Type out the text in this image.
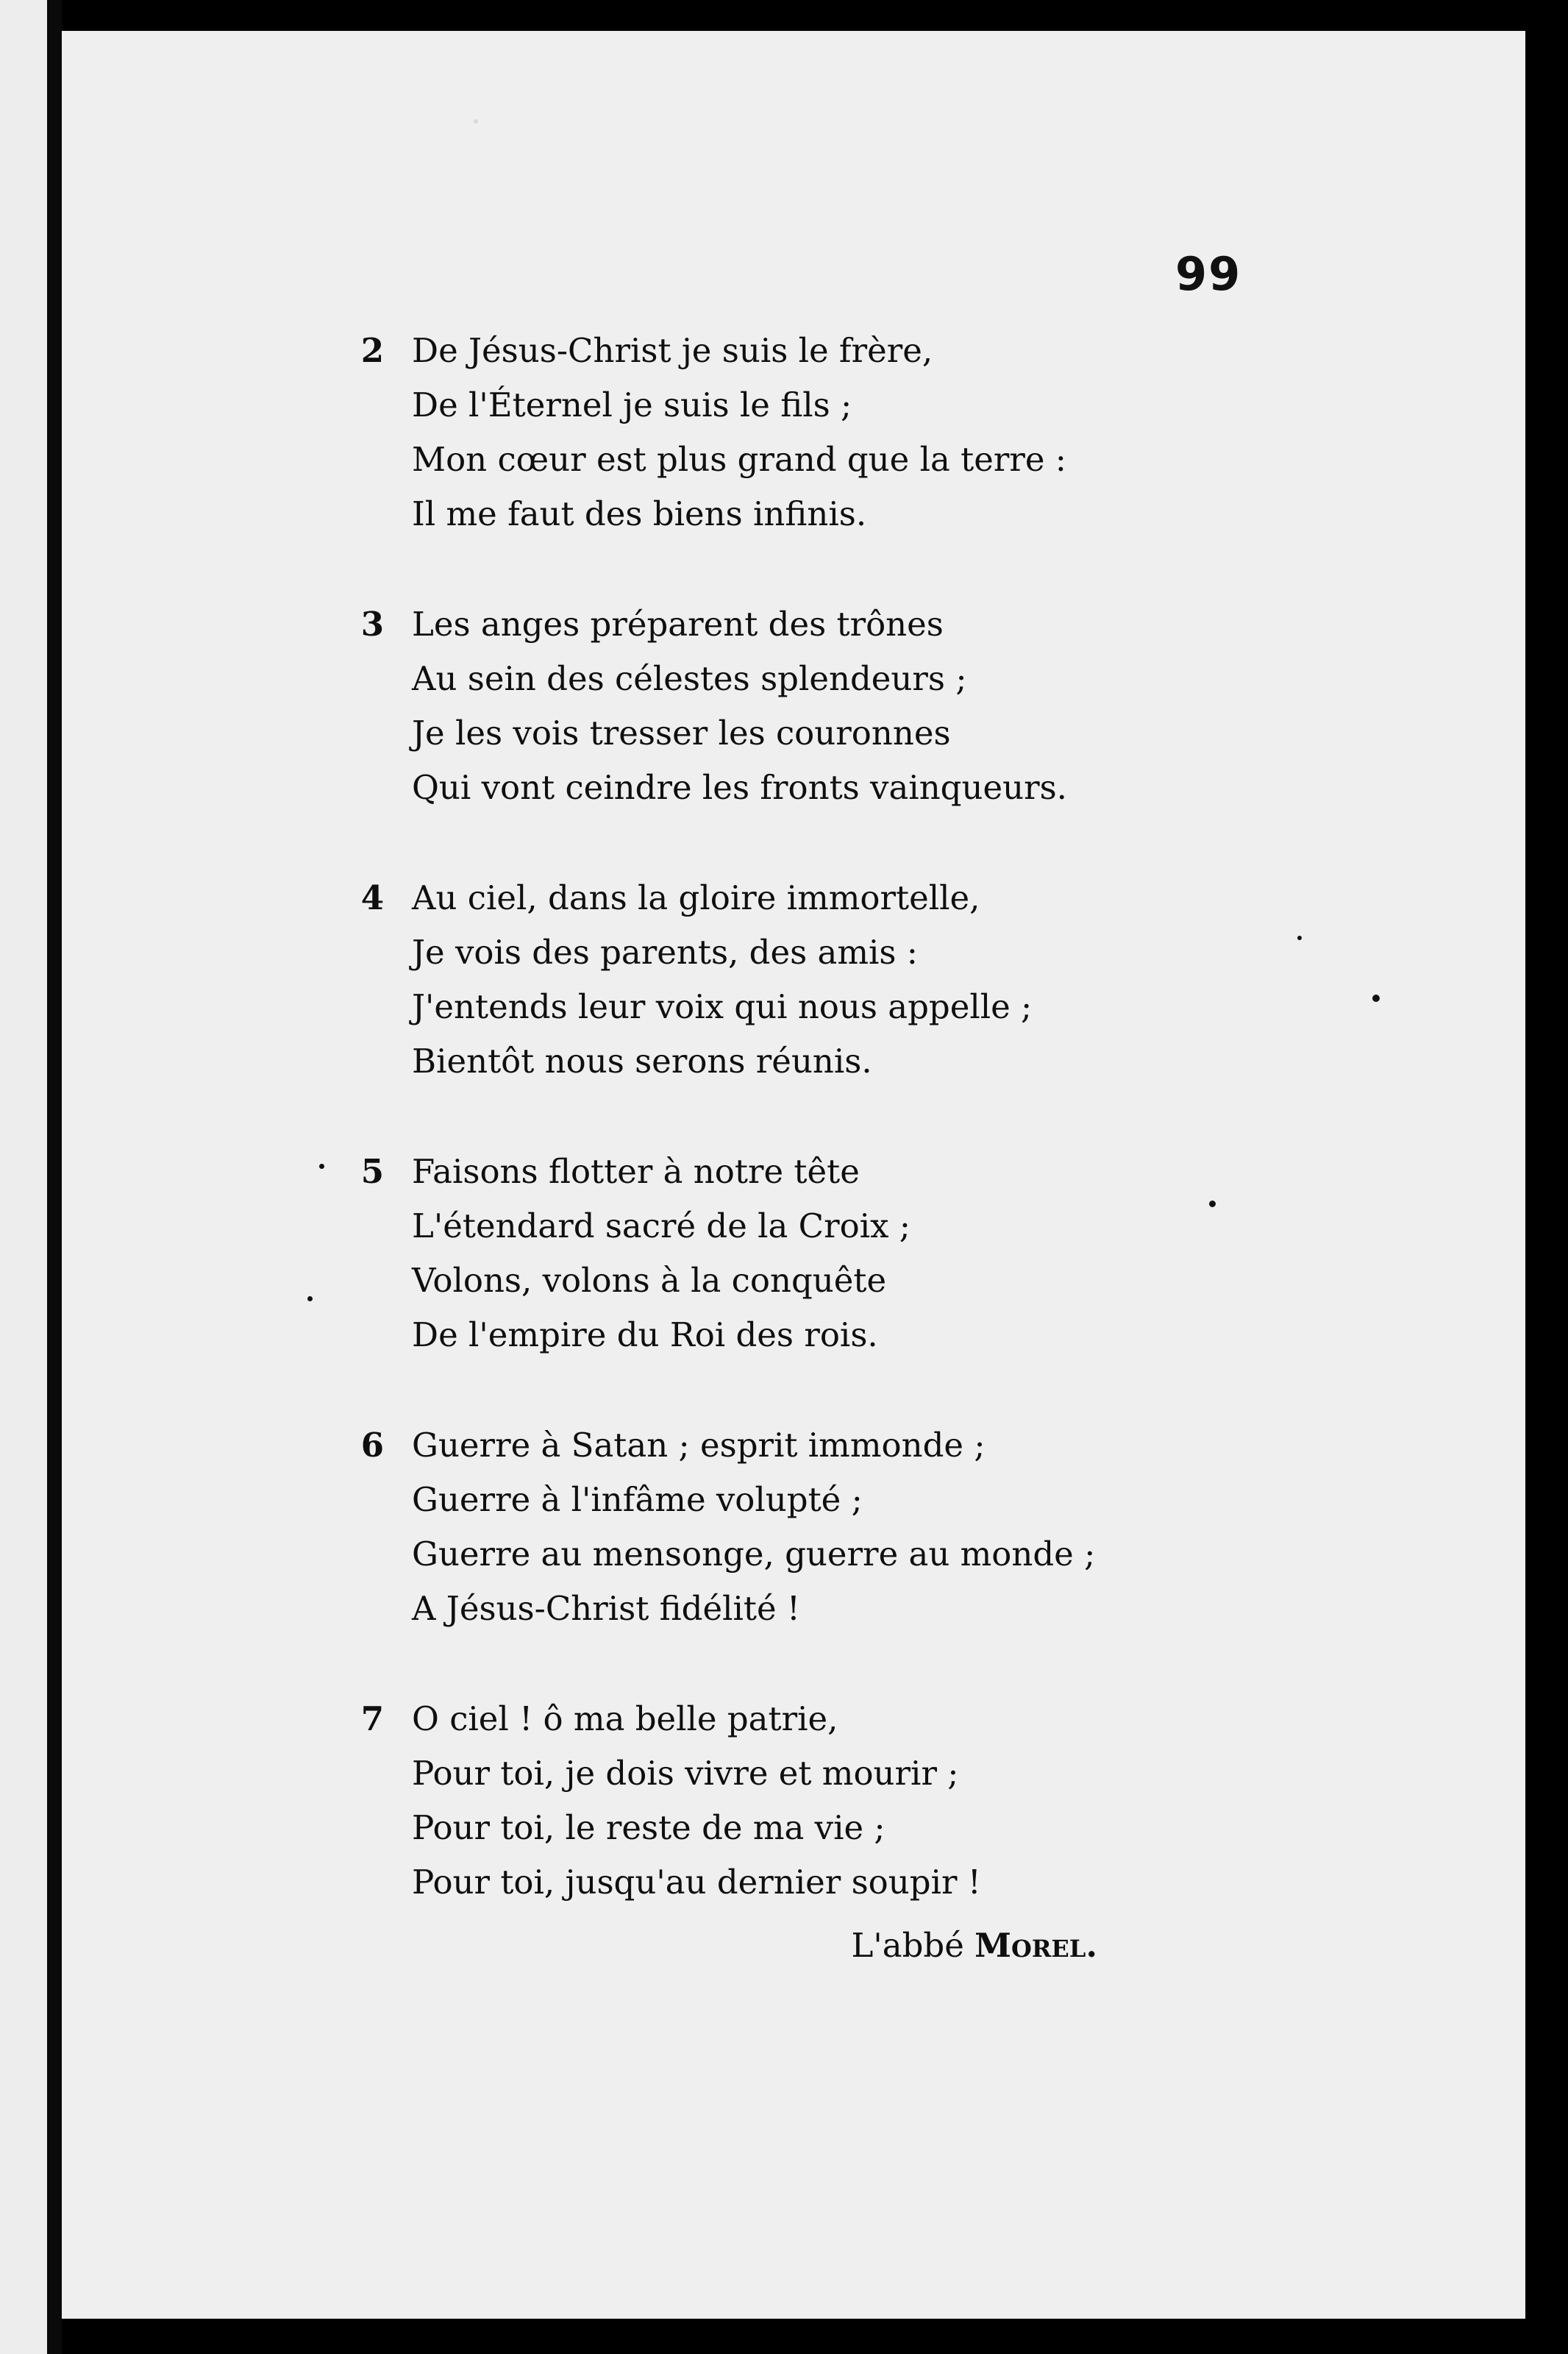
99
2 De Jésus-Christ je suis le frère,
De l'Éternel je suis le fils ;
Mon cœur est plus grand que la terre :
Il me faut des biens infinis.
3 Les anges préparent des trônes
Au sein des célestes splendeurs ;
Je les vois tresser les couronnes
Qui vont ceindre les fronts vainqueurs.
4 Au ciel, dans la gloire immortelle,
Je vois des parents, des amis :
J'entends leur voix qui nous appelle ;
Bientôt nous serons réunis.
5 Faisons flotter à notre tête
L'étendard sacré de la Croix ;
Volons, volons à la conquête
De l'empire du Roi des rois.
6 Guerre à Satan ; esprit immonde ;
Guerre à l'infâme volupté ;
Guerre au mensonge, guerre au monde ;
A Jésus-Christ fidélité !
7 O ciel ! ô ma belle patrie,
Pour toi, je dois vivre et mourir ;
Pour toi, le reste de ma vie ;
Pour toi, jusqu'au dernier soupir !
L'abbé Morel.
